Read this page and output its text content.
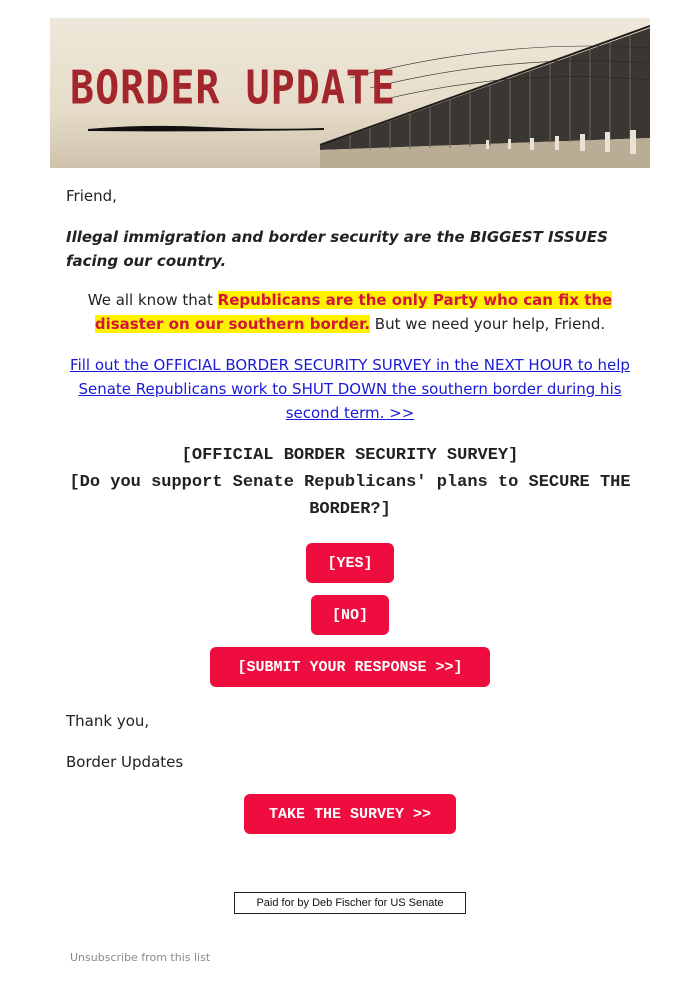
BORDER UPDATE

Friend,

Illegal immigration and border security are the BIGGEST ISSUES facing our country.

We all know that Republicans are the only Party who can fix the disaster on our southern border. But we need your help, Friend.

Fill out the OFFICIAL BORDER SECURITY SURVEY in the NEXT HOUR to help Senate Republicans work to SHUT DOWN the southern border during his second term. >>
[OFFICIAL BORDER SECURITY SURVEY]
[Do you support Senate Republicans' plans to SECURE THE BORDER?]
[YES]
[NO]
[SUBMIT YOUR RESPONSE >>]

Thank you,

Border Updates

TAKE THE SURVEY >>
Paid for by Deb Fischer for US Senate
Unsubscribe from this list
